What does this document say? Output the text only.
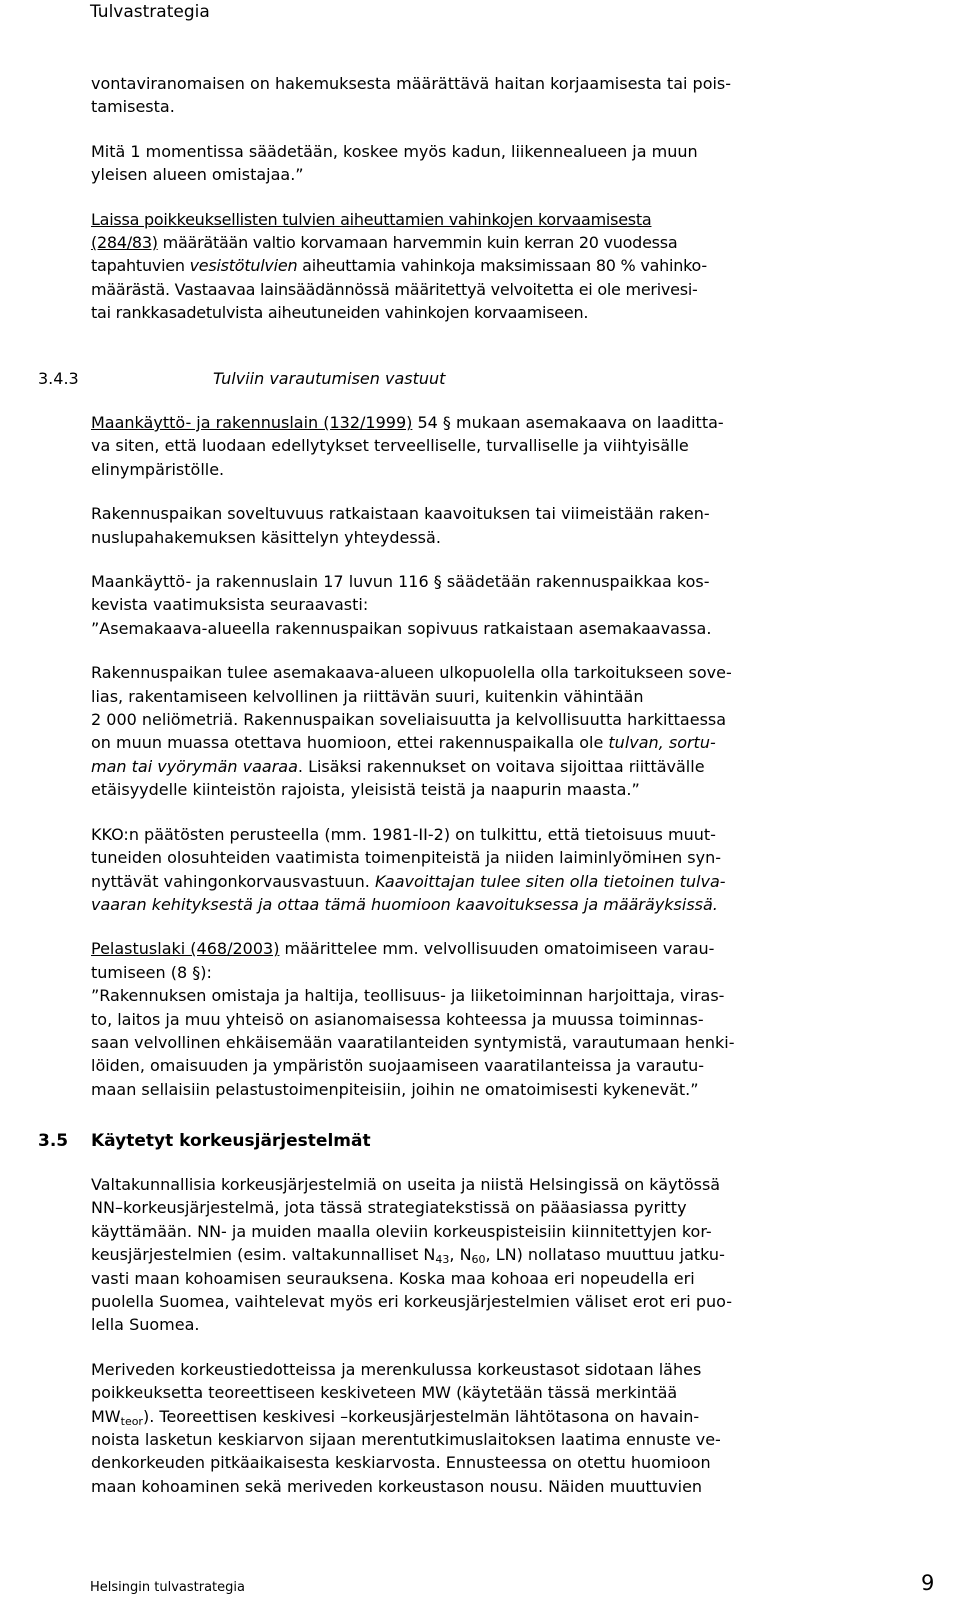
Tulvastrategia

vontaviranomaisen on hakemuksesta määrättävä haitan korjaamisesta tai pois-
tamisesta.

Mitä 1 momentissa säädetään, koskee myös kadun, liikennealueen ja muun
yleisen alueen omistajaa.”

Laissa poikkeuksellisten tulvien aiheuttamien vahinkojen korvaamisesta
(284/83) määrätään valtio korvamaan harvemmin kuin kerran 20 vuodessa
tapahtuvien vesistötulvien aiheuttamia vahinkoja maksimissaan 80 % vahinko-
määrästä. Vastaavaa lainsäädännössä määritettyä velvoitetta ei ole merivesi-
tai rankkasadetulvista aiheutuneiden vahinkojen korvaamiseen.

3.4.3	Tulviin varautumisen vastuut

Maankäyttö- ja rakennuslain (132/1999) 54 § mukaan asemakaava on laaditta-
va siten, että luodaan edellytykset terveelliselle, turvalliselle ja viihtyisälle
elinympäristölle.

Rakennuspaikan soveltuvuus ratkaistaan kaavoituksen tai viimeistään raken-
nuslupahakemuksen käsittelyn yhteydessä.

Maankäyttö- ja rakennuslain 17 luvun 116 § säädetään rakennuspaikkaa kos-
kevista vaatimuksista seuraavasti:
”Asemakaava-alueella rakennuspaikan sopivuus ratkaistaan asemakaavassa.

Rakennuspaikan tulee asemakaava-alueen ulkopuolella olla tarkoitukseen sove-
lias, rakentamiseen kelvollinen ja riittävän suuri, kuitenkin vähintään
2 000 neliömetriä. Rakennuspaikan soveliaisuutta ja kelvollisuutta harkittaessa
on muun muassa otettava huomioon, ettei rakennuspaikalla ole tulvan, sortu-
man tai vyörymän vaaraa. Lisäksi rakennukset on voitava sijoittaa riittävälle
etäisyydelle kiinteistön rajoista, yleisistä teistä ja naapurin maasta.”

KKO:n päätösten perusteella (mm. 1981-II-2) on tulkittu, että tietoisuus muut-
tuneiden olosuhteiden vaatimista toimenpiteistä ja niiden laiminlyömінen syn-
nyttävät vahingonkorvausvastuun. Kaavoittajan tulee siten olla tietoinen tulva-
vaaran kehityksestä ja ottaa tämä huomioon kaavoituksessa ja määräyksissä.

Pelastuslaki (468/2003) määrittelee mm. velvollisuuden omatoimiseen varau-
tumiseen (8 §):
”Rakennuksen omistaja ja haltija, teollisuus- ja liiketoiminnan harjoittaja, viras-
to, laitos ja muu yhteisö on asianomaisessa kohteessa ja muussa toiminnas-
saan velvollinen ehkäisemään vaaratilanteiden syntymistä, varautumaan henki-
löiden, omaisuuden ja ympäristön suojaamiseen vaaratilanteissa ja varautu-
maan sellaisiin pelastustoimenpiteisiin, joihin ne omatoimisesti kykenevät.”

3.5 Käytetyt korkeusjärjestelmät

Valtakunnallisia korkeusjärjestelmiä on useita ja niistä Helsingissä on käytössä
NN–korkeusjärjestelmä, jota tässä strategiatekstissä on pääasiassa pyritty
käyttämään. NN- ja muiden maalla oleviin korkeuspisteisiin kiinnitettyjen kor-
keusjärjestelmien (esim. valtakunnalliset $N_{43}$, $N_{60}$, LN) nollataso muuttuu jatku-
vasti maan kohoamisen seurauksena. Koska maa kohoaa eri nopeudella eri
puolella Suomea, vaihtelevat myös eri korkeusjärjestelmien väliset erot eri puo-
lella Suomea.

Meriveden korkeustiedotteissa ja merenkulussa korkeustasot sidotaan lähes
poikkeuksetta teoreettiseen keskiveteen MW (käytetään tässä merkintää
$MW_{teor}$). Teoreettisen keskivesi –korkeusjärjestelmän lähtötasona on havain-
noista lasketun keskiarvon sijaan merentutkimuslaitoksen laatima ennuste ve-
denkorkeuden pitkäaikaisesta keskiarvosta. Ennusteessa on otettu huomioon
maan kohoaminen sekä meriveden korkeustason nousu. Näiden muuttuvien

Helsingin tulvastrategia	9
